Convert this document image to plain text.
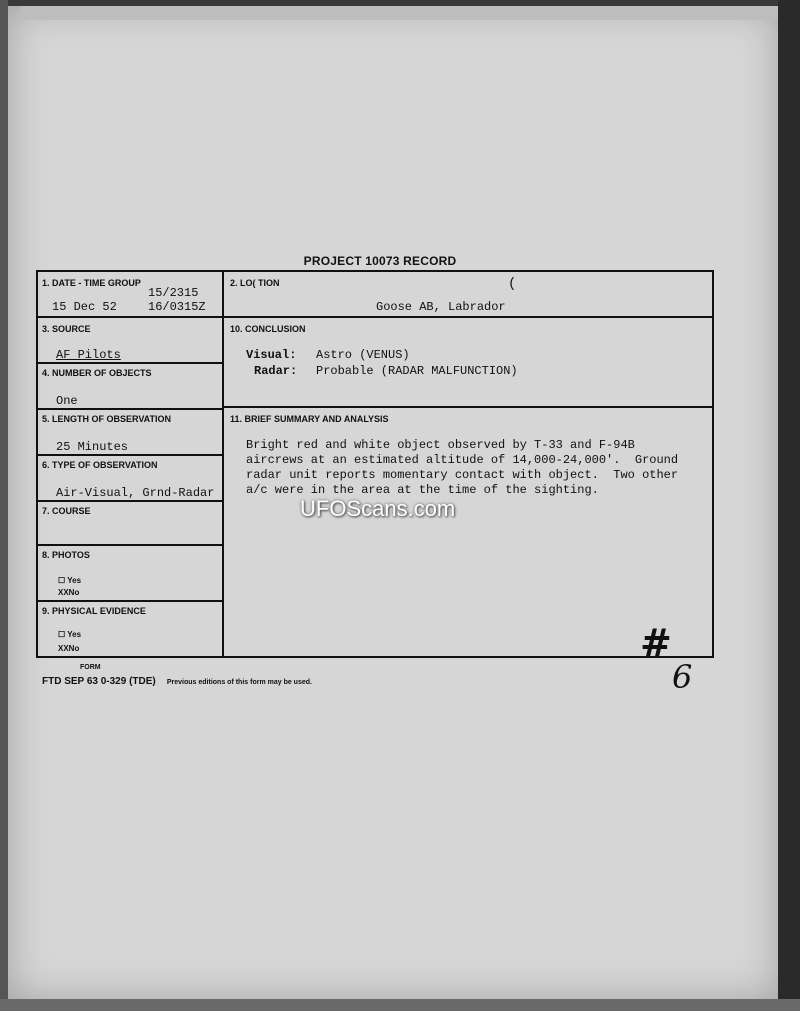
PROJECT 10073 RECORD
1. DATE - TIME GROUP
15/2315
15 Dec 52	16/0315Z
2. LO( TION
Goose AB, Labrador
(
3. SOURCE
AF Pilots
4. NUMBER OF OBJECTS
One
5. LENGTH OF OBSERVATION
25 Minutes
6. TYPE OF OBSERVATION
Air-Visual, Grnd-Radar
7. COURSE
8. PHOTOS
☐ Yes
XXNo
9. PHYSICAL EVIDENCE
☐ Yes
XXNo
10. CONCLUSION
Visual: Astro (VENUS)
Radar: Probable (RADAR MALFUNCTION)
11. BRIEF SUMMARY AND ANALYSIS
Bright red and white object observed by T-33 and F-94B
aircrews at an estimated altitude of 14,000-24,000'.  Ground
radar unit reports momentary contact with object.  Two other
a/c were in the area at the time of the sighting.
FORM
FTD SEP 63 0-329 (TDE) Previous editions of this form may be used.
#
6
UFOScans.com
